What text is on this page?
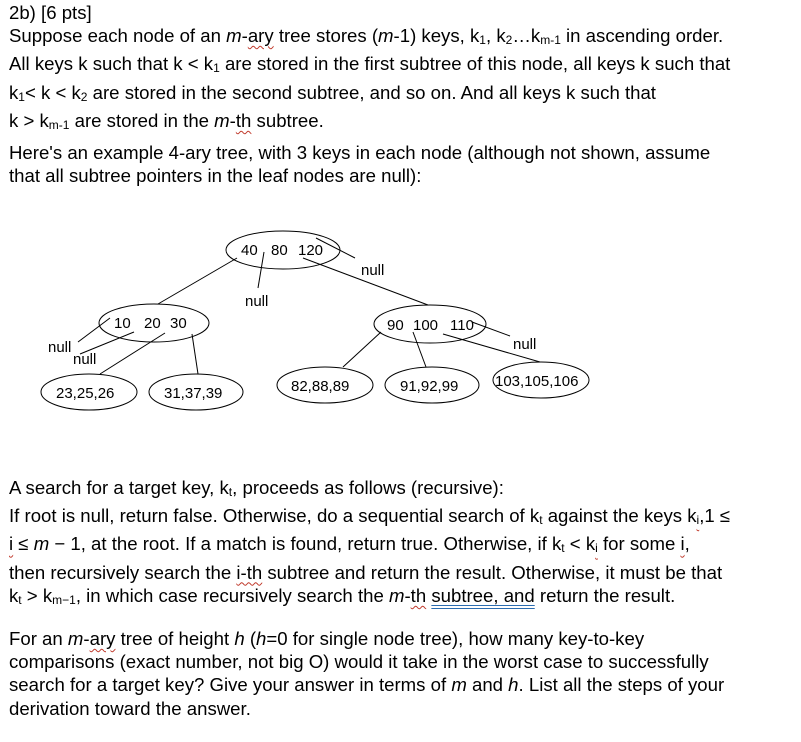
2b) [6 pts]
Suppose each node of an m-ary tree stores (m-1) keys, k1, k2…km-1 in ascending order.
All keys k such that k < k1 are stored in the first subtree of this node, all keys k such that
k1< k < k2 are stored in the second subtree, and so on. And all keys k such that
k > km-1 are stored in the m-th subtree.
Here's an example 4-ary tree, with 3 keys in each node (although not shown, assume
that all subtree pointers in the leaf nodes are null):
40 80 120
10 20 30	90 100 110
23,25,26	31,37,39	82,88,89	91,92,99 103,105,106
null
null
null
null
null
A search for a target key, kt, proceeds as follows (recursive):
If root is null, return false. Otherwise, do a sequential search of kt against the keys ki,1 ≤
i ≤ m − 1, at the root. If a match is found, return true. Otherwise, if kt < ki for some i,
then recursively search the i-th subtree and return the result. Otherwise, it must be that
kt > km−1, in which case recursively search the m-th subtree, and return the result.
For an m-ary tree of height h (h=0 for single node tree), how many key-to-key
comparisons (exact number, not big O) would it take in the worst case to successfully
search for a target key? Give your answer in terms of m and h. List all the steps of your
derivation toward the answer.
